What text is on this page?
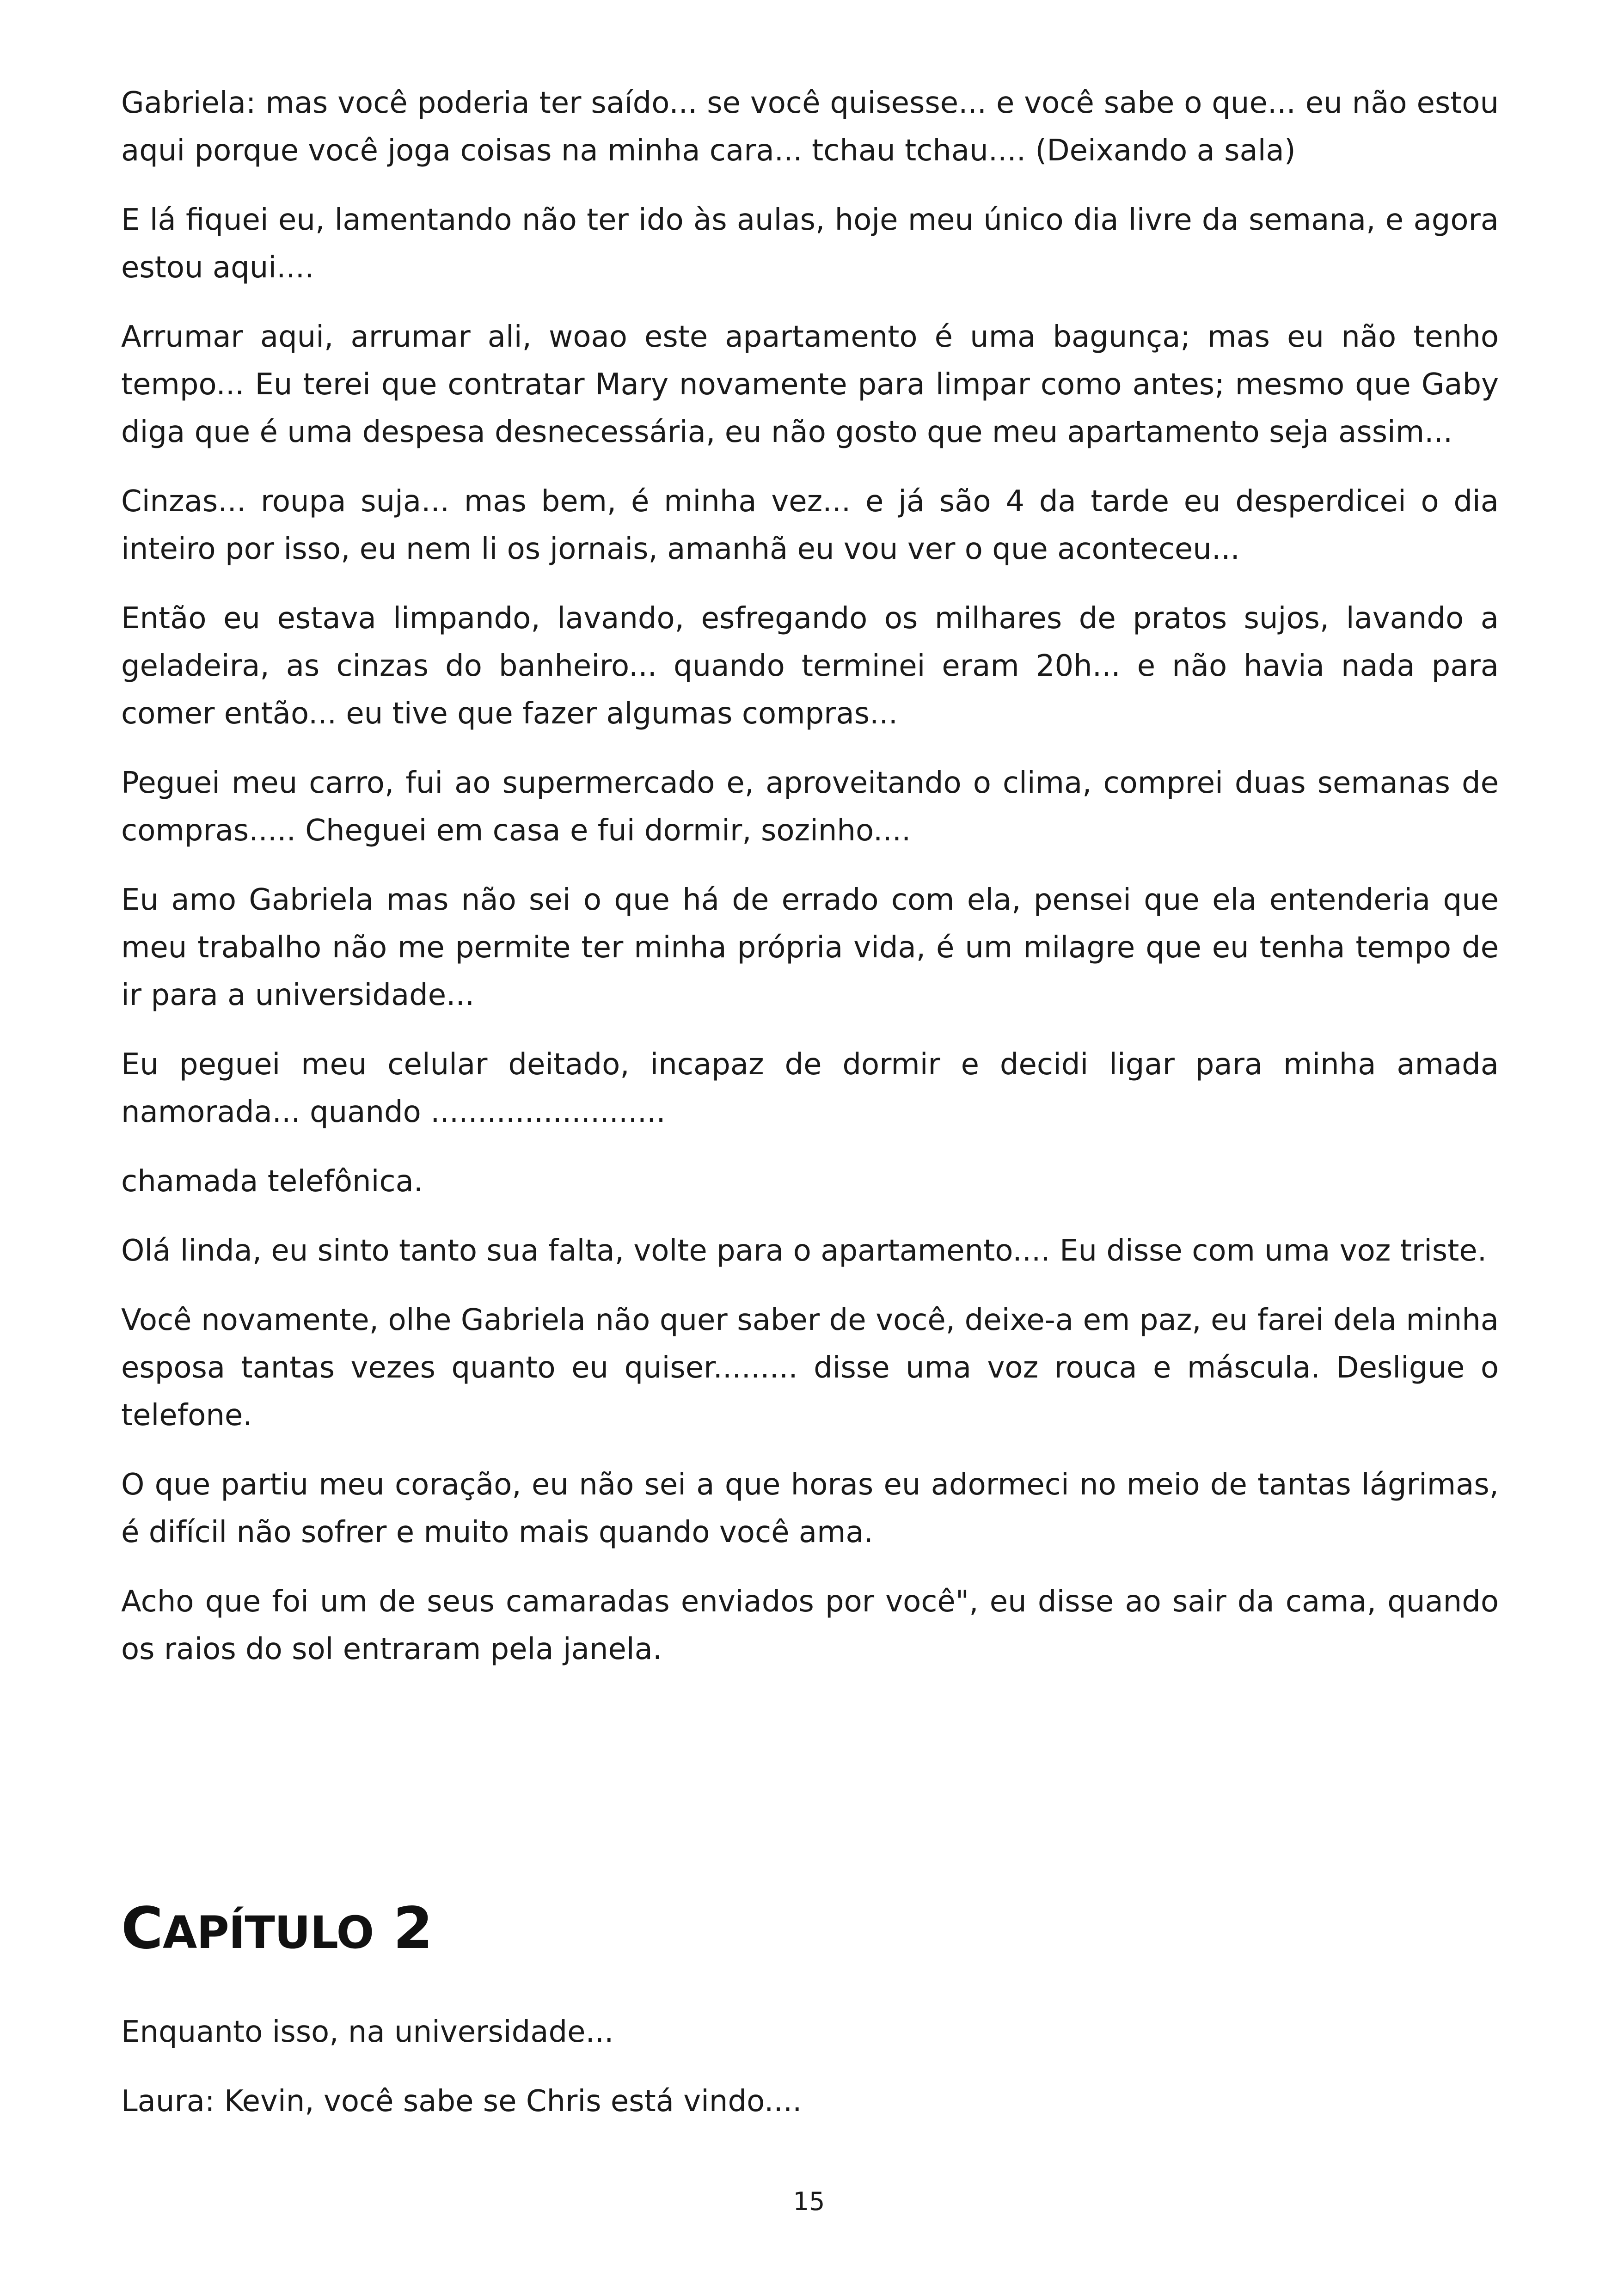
Gabriela: mas você poderia ter saído... se você quisesse... e você sabe o que... eu não estou aqui porque você joga coisas na minha cara... tchau tchau.... (Deixando a sala)

E lá fiquei eu, lamentando não ter ido às aulas, hoje meu único dia livre da semana, e agora estou aqui....

Arrumar aqui, arrumar ali, woao este apartamento é uma bagunça; mas eu não tenho tempo... Eu terei que contratar Mary novamente para limpar como antes; mesmo que Gaby diga que é uma despesa desnecessária, eu não gosto que meu apartamento seja assim...

Cinzas... roupa suja... mas bem, é minha vez... e já são 4 da tarde eu desperdicei o dia inteiro por isso, eu nem li os jornais, amanhã eu vou ver o que aconteceu...

Então eu estava limpando, lavando, esfregando os milhares de pratos sujos, lavando a geladeira, as cinzas do banheiro... quando terminei eram 20h... e não havia nada para comer então... eu tive que fazer algumas compras...

Peguei meu carro, fui ao supermercado e, aproveitando o clima, comprei duas semanas de compras..... Cheguei em casa e fui dormir, sozinho....

Eu amo Gabriela mas não sei o que há de errado com ela, pensei que ela entenderia que meu trabalho não me permite ter minha própria vida, é um milagre que eu tenha tempo de ir para a universidade...

Eu peguei meu celular deitado, incapaz de dormir e decidi ligar para minha amada namorada... quando .........................

chamada telefônica.

Olá linda, eu sinto tanto sua falta, volte para o apartamento.... Eu disse com uma voz triste.

Você novamente, olhe Gabriela não quer saber de você, deixe-a em paz, eu farei dela minha esposa tantas vezes quanto eu quiser......... disse uma voz rouca e máscula. Desligue o telefone.

O que partiu meu coração, eu não sei a que horas eu adormeci no meio de tantas lágrimas, é difícil não sofrer e muito mais quando você ama.

Acho que foi um de seus camaradas enviados por você", eu disse ao sair da cama, quando os raios do sol entraram pela janela.

CAPÍTULO 2

Enquanto isso, na universidade...

Laura: Kevin, você sabe se Chris está vindo....

15
